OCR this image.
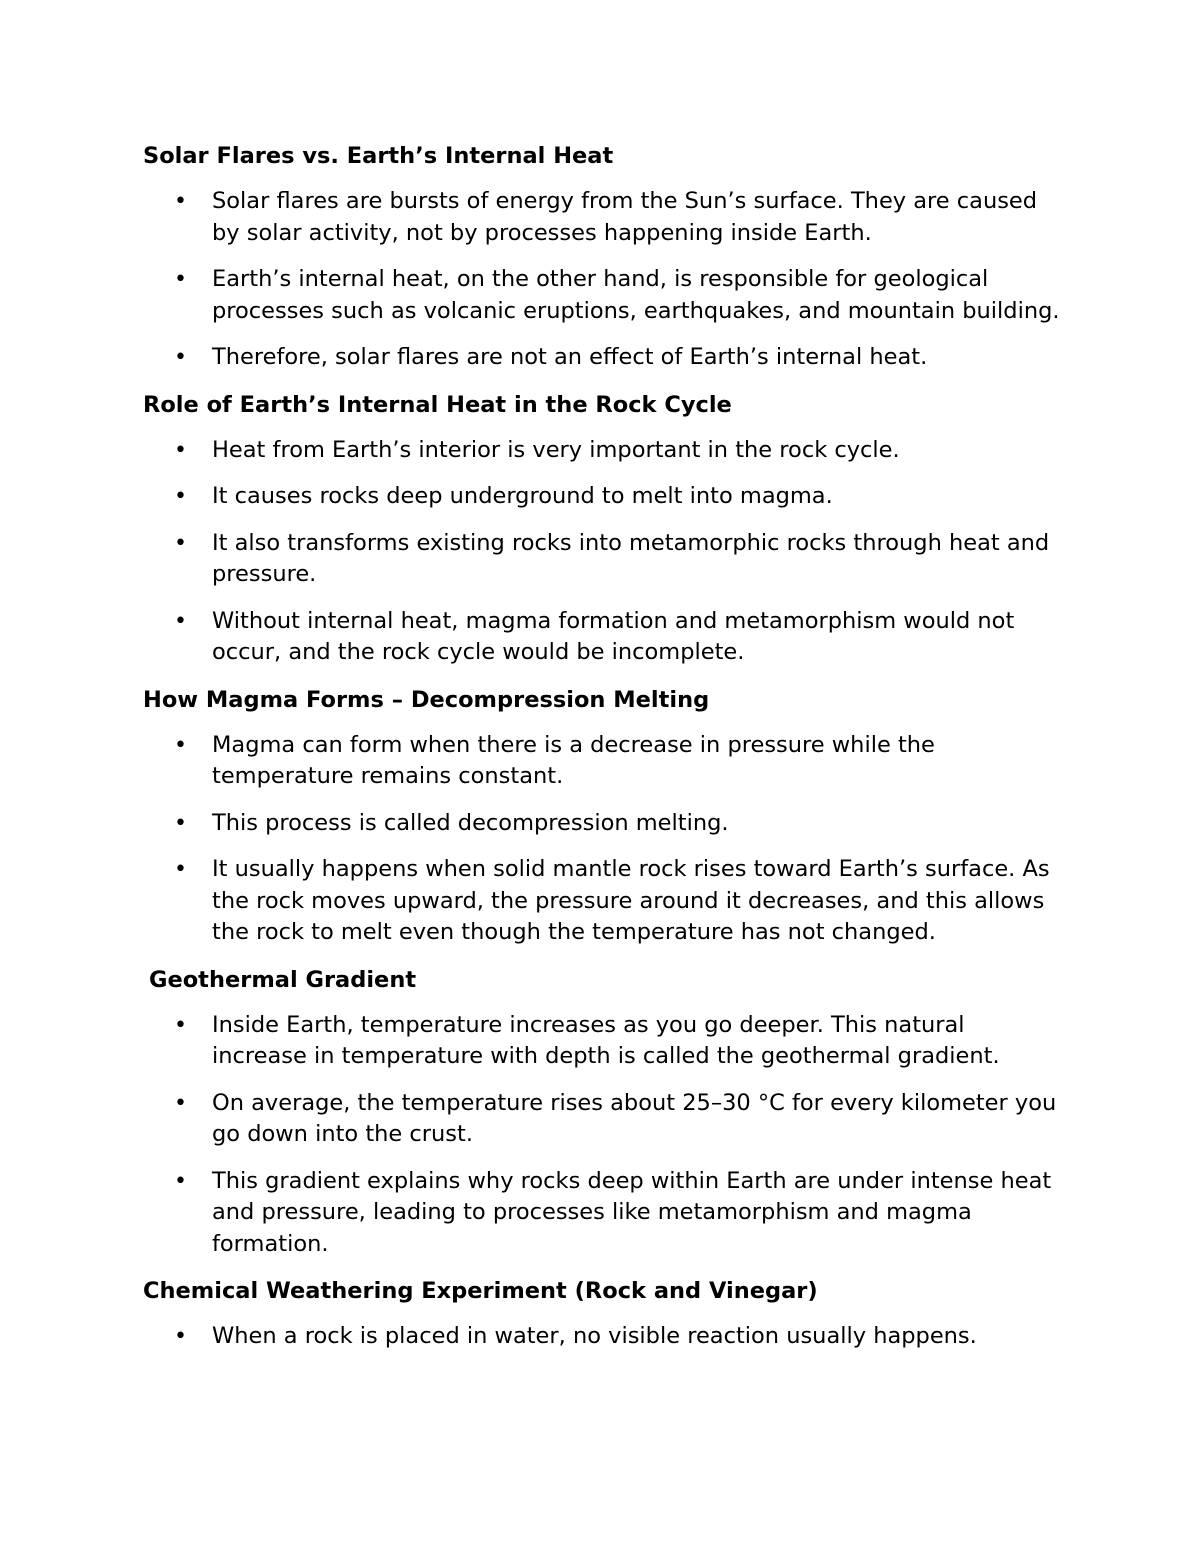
Solar Flares vs. Earth’s Internal Heat
• Solar flares are bursts of energy from the Sun’s surface. They are caused by solar activity, not by processes happening inside Earth.
• Earth’s internal heat, on the other hand, is responsible for geological processes such as volcanic eruptions, earthquakes, and mountain building.
• Therefore, solar flares are not an effect of Earth’s internal heat.
Role of Earth’s Internal Heat in the Rock Cycle
• Heat from Earth’s interior is very important in the rock cycle.
• It causes rocks deep underground to melt into magma.
• It also transforms existing rocks into metamorphic rocks through heat and pressure.
• Without internal heat, magma formation and metamorphism would not occur, and the rock cycle would be incomplete.
How Magma Forms – Decompression Melting
• Magma can form when there is a decrease in pressure while the temperature remains constant.
• This process is called decompression melting.
• It usually happens when solid mantle rock rises toward Earth’s surface. As the rock moves upward, the pressure around it decreases, and this allows the rock to melt even though the temperature has not changed.
Geothermal Gradient
• Inside Earth, temperature increases as you go deeper. This natural increase in temperature with depth is called the geothermal gradient.
• On average, the temperature rises about 25–30 °C for every kilometer you go down into the crust.
• This gradient explains why rocks deep within Earth are under intense heat and pressure, leading to processes like metamorphism and magma formation.
Chemical Weathering Experiment (Rock and Vinegar)
• When a rock is placed in water, no visible reaction usually happens.
